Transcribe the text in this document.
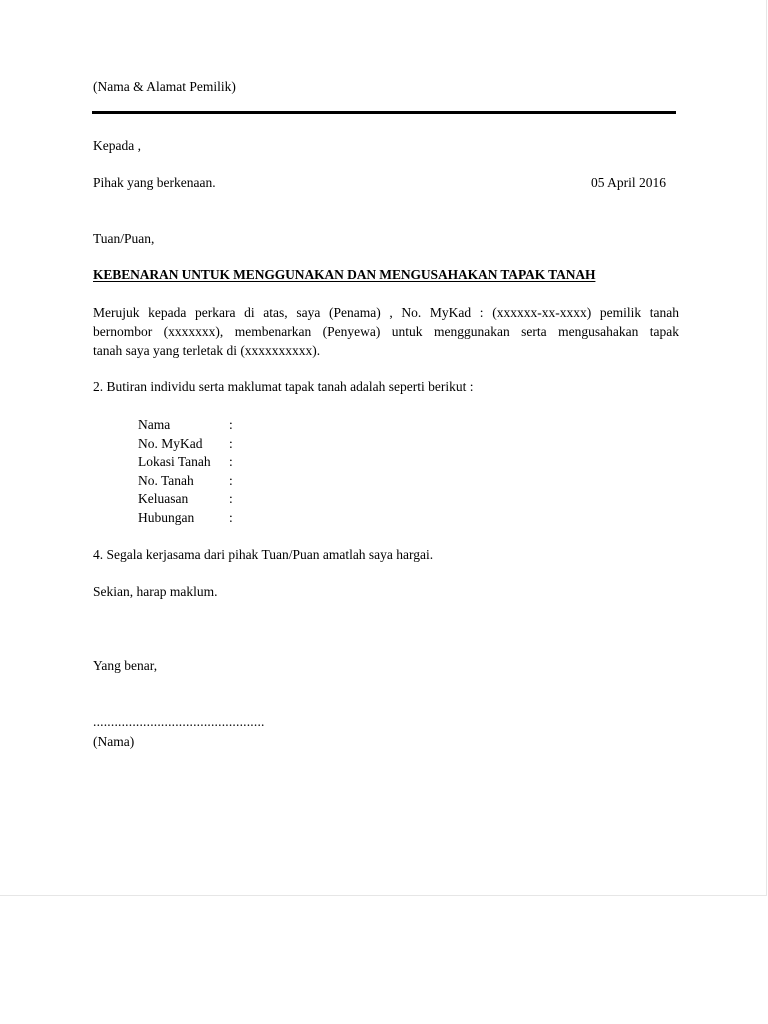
(Nama & Alamat Pemilik)
Kepada ,
Pihak yang berkenaan.	05 April 2016
Tuan/Puan,
KEBENARAN UNTUK MENGGUNAKAN DAN MENGUSAHAKAN TAPAK TANAH
Merujuk kepada perkara di atas, saya (Penama) , No. MyKad : (xxxxxx-xx-xxxx) pemilik tanah
bernombor (xxxxxxx), membenarkan (Penyewa) untuk menggunakan serta mengusahakan tapak
tanah saya yang terletak di (xxxxxxxxxx).
2. Butiran individu serta maklumat tapak tanah adalah seperti berikut :
Nama	:
No. MyKad :
Lokasi Tanah :
No. Tanah	:
Keluasan	:
Hubungan	:
4. Segala kerjasama dari pihak Tuan/Puan amatlah saya hargai.
Sekian, harap maklum.
Yang benar,
................................................
(Nama)
